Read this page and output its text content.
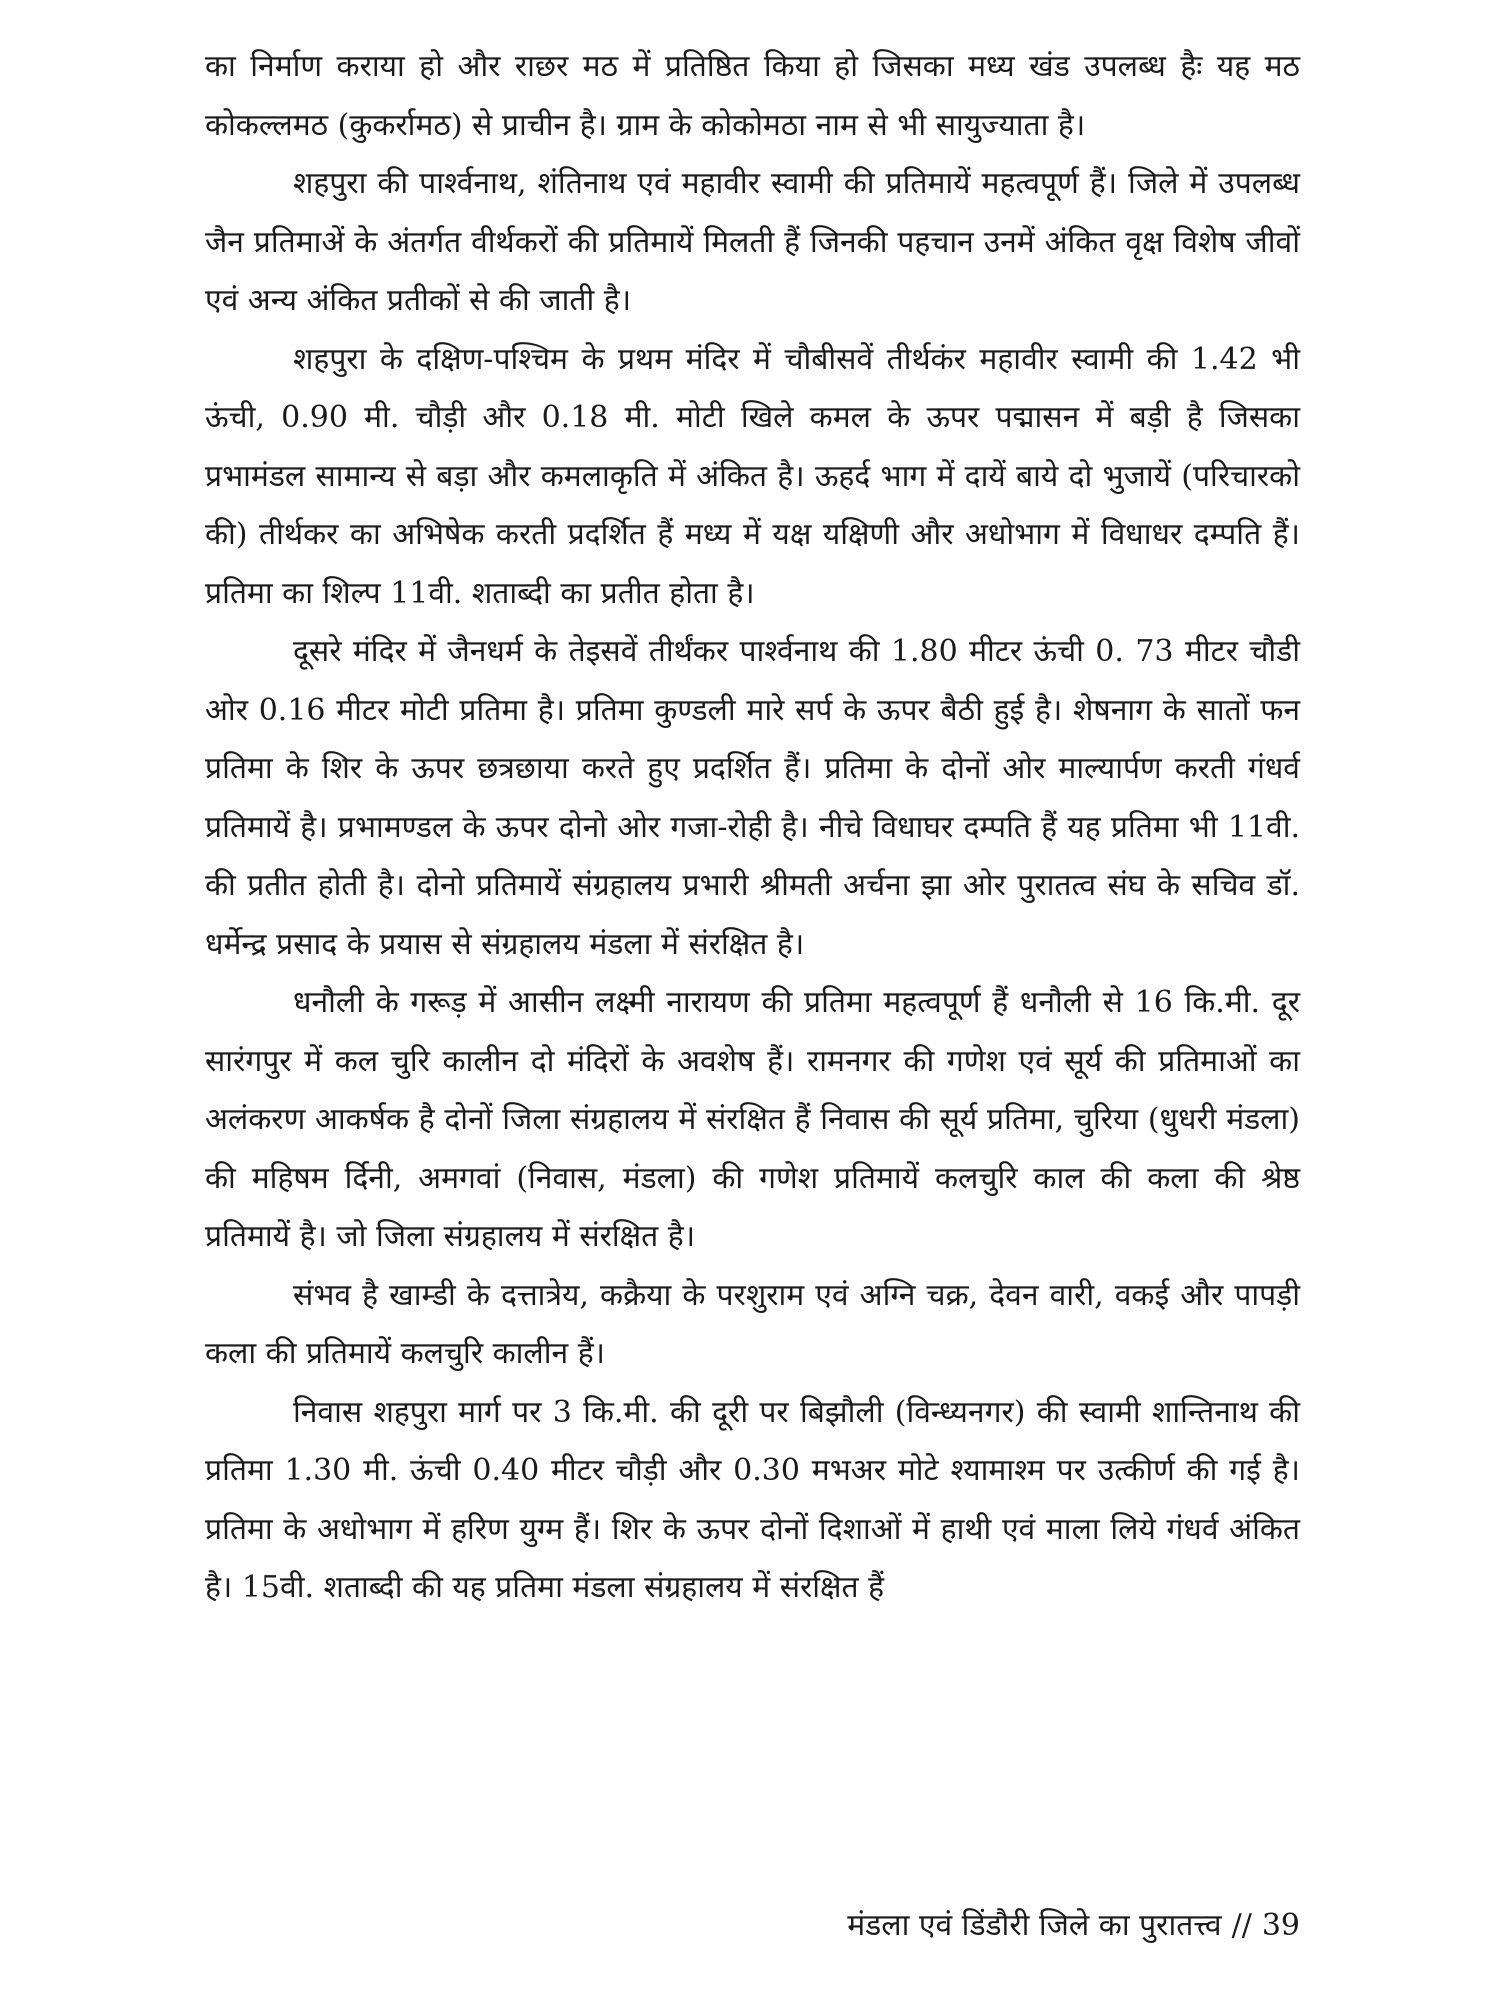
का निर्माण कराया हो और राछर मठ में प्रतिष्ठित किया हो जिसका मध्य खंड उपलब्ध हैः यह मठ कोकल्लमठ (कुकर्रामठ) से प्राचीन है। ग्राम के कोकोमठा नाम से भी सायुज्याता है।

शहपुरा की पार्श्वनाथ, शंतिनाथ एवं महावीर स्वामी की प्रतिमायें महत्वपूर्ण हैं। जिले में उपलब्ध जैन प्रतिमाअें के अंतर्गत वीर्थकरों की प्रतिमायें मिलती हैं जिनकी पहचान उनमें अंकित वृक्ष विशेष जीवों एवं अन्य अंकित प्रतीकों से की जाती है।

शहपुरा के दक्षिण-पश्चिम के प्रथम मंदिर में चौबीसवें तीर्थकंर महावीर स्वामी की 1.42 भी ऊंची, 0.90 मी. चौड़ी और 0.18 मी. मोटी खिले कमल के ऊपर पद्मासन में बड़ी है जिसका प्रभामंडल सामान्य से बड़ा और कमलाकृति में अंकित है। ऊहर्द भाग में दायें बाये दो भुजायें (परिचारको की) तीर्थकर का अभिषेक करती प्रदर्शित हैं मध्य में यक्ष यक्षिणी और अधोभाग में विधाधर दम्पति हैं। प्रतिमा का शिल्प 11वी. शताब्दी का प्रतीत होता है।

दूसरे मंदिर में जैनधर्म के तेइसवें तीर्थंकर पार्श्वनाथ की 1.80 मीटर ऊंची 0. 73 मीटर चौडी ओर 0.16 मीटर मोटी प्रतिमा है। प्रतिमा कुण्डली मारे सर्प के ऊपर बैठी हुई है। शेषनाग के सातों फन प्रतिमा के शिर के ऊपर छत्रछाया करते हुए प्रदर्शित हैं। प्रतिमा के दोनों ओर माल्यार्पण करती गंधर्व प्रतिमायें है। प्रभामण्डल के ऊपर दोनो ओर गजा-रोही है। नीचे विधाघर दम्पति हैं यह प्रतिमा भी 11वी. की प्रतीत होती है। दोनो प्रतिमायें संग्रहालय प्रभारी श्रीमती अर्चना झा ओर पुरातत्व संघ के सचिव डॉ. धर्मेन्द्र प्रसाद के प्रयास से संग्रहालय मंडला में संरक्षित है।

धनौली के गरूड़ में आसीन लक्ष्मी नारायण की प्रतिमा महत्वपूर्ण हैं धनौली से 16 कि.मी. दूर सारंगपुर में कल चुरि कालीन दो मंदिरों के अवशेष हैं। रामनगर की गणेश एवं सूर्य की प्रतिमाओं का अलंकरण आकर्षक है दोनों जिला संग्रहालय में संरक्षित हैं निवास की सूर्य प्रतिमा, चुरिया (धुधरी मंडला) की महिषम र्दिनी, अमगवां (निवास, मंडला) की गणेश प्रतिमायें कलचुरि काल की कला की श्रेष्ठ प्रतिमायें है। जो जिला संग्रहालय में संरक्षित है।

संभव है खाम्डी के दत्तात्रेय, कक्रैया के परशुराम एवं अग्नि चक्र, देवन वारी, वकई और पापड़ी कला की प्रतिमायें कलचुरि कालीन हैं।

निवास शहपुरा मार्ग पर 3 कि.मी. की दूरी पर बिझौली (विन्ध्यनगर) की स्वामी शान्तिनाथ की प्रतिमा 1.30 मी. ऊंची 0.40 मीटर चौड़ी और 0.30 मभअर मोटे श्यामाश्म पर उत्कीर्ण की गई है। प्रतिमा के अधोभाग में हरिण युग्म हैं। शिर के ऊपर दोनों दिशाओं में हाथी एवं माला लिये गंधर्व अंकित है। 15वी. शताब्दी की यह प्रतिमा मंडला संग्रहालय में संरक्षित हैं

मंडला एवं डिंडौरी जिले का पुरातत्त्व // 39
